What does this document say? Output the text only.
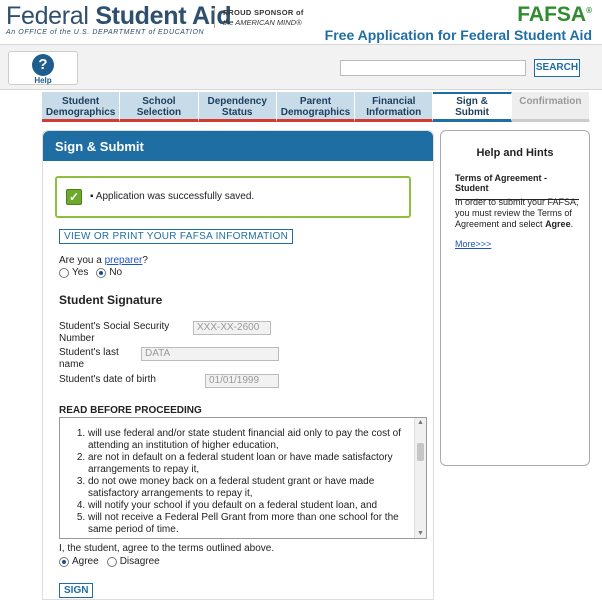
Federal Student Aid
An OFFICE of the U.S. DEPARTMENT of EDUCATION
PROUD SPONSOR of
the AMERICAN MIND®	FAFSA®
Free Application for Federal Student Aid
?
Help
SEARCH
Student
Demographics
School
Selection
Dependency
Status
Parent
Demographics
Financial
Information
Sign &
Submit
Confirmation
Sign & Submit
✓ ▪ Application was successfully saved.
VIEW OR PRINT YOUR FAFSA INFORMATION
Are you a preparer?
Yes No
Student Signature
Student's Social Security Number
XXX-XX-2600
Student's last name
DATA
Student's date of birth	01/01/1999
READ BEFORE PROCEEDING
1. will use federal and/or state student financial aid only to pay the cost of attending an institution of higher education,
2. are not in default on a federal student loan or have made satisfactory arrangements to repay it,
3. do not owe money back on a federal student grant or have made satisfactory arrangements to repay it,
4. will notify your school if you default on a federal student loan, and
5. will not receive a Federal Pell Grant from more than one school for the same period of time.
▲
▼
I, the student, agree to the terms outlined above.
Agree Disagree
SIGN
Help and Hints
Terms of Agreement - Student
In order to submit your FAFSA, you must review the Terms of Agreement and select Agree.
More>>>
